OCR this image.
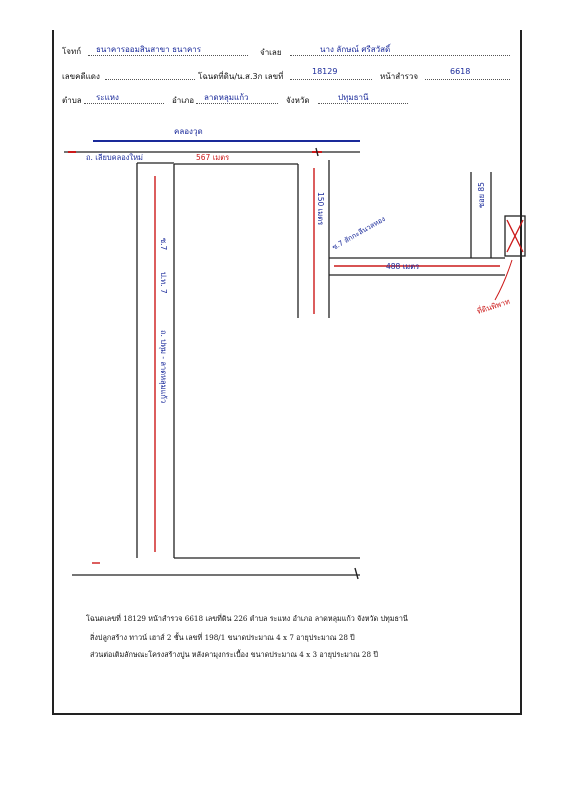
โจทก์ ธนาคารออมสินสาขา ธนาคาร	จำเลย	นาง ลักษณ์ ศรีสวัสดิ์
เลขคดีแดง	โฉนดที่ดิน/น.ส.3ก เลขที่
18129
หน้าสำรวจ
6618
ตำบล ระแหง	อำเภอ ลาดหลุมแก้ว	จังหวัด	ปทุมธานี
คลองวุด
ถ. เลียบคลองใหม่	567 เมตร
ซ.7
ป.ท. 7
ถ. ปทุม - ลาดหลุมแก้ว
150 เมตร
ซ.7 สักกะลีนวลทอง
488 เมตร
ซอย 85
ที่ดินพิพาท
โฉนดเลขที่ 18129 หน้าสำรวจ 6618 เลขที่ดิน 226 ตำบล ระแหง อำเภอ ลาดหลุมแก้ว จังหวัด ปทุมธานี
สิ่งปลูกสร้าง ทาวน์ เฮาส์ 2 ชั้น เลขที่ 198/1 ขนาดประมาณ 4 x 7 อายุประมาณ 28 ปี
ส่วนต่อเติมลักษณะโครงสร้างปูน หลังคามุงกระเบื้อง ขนาดประมาณ 4 x 3 อายุประมาณ 28 ปี
